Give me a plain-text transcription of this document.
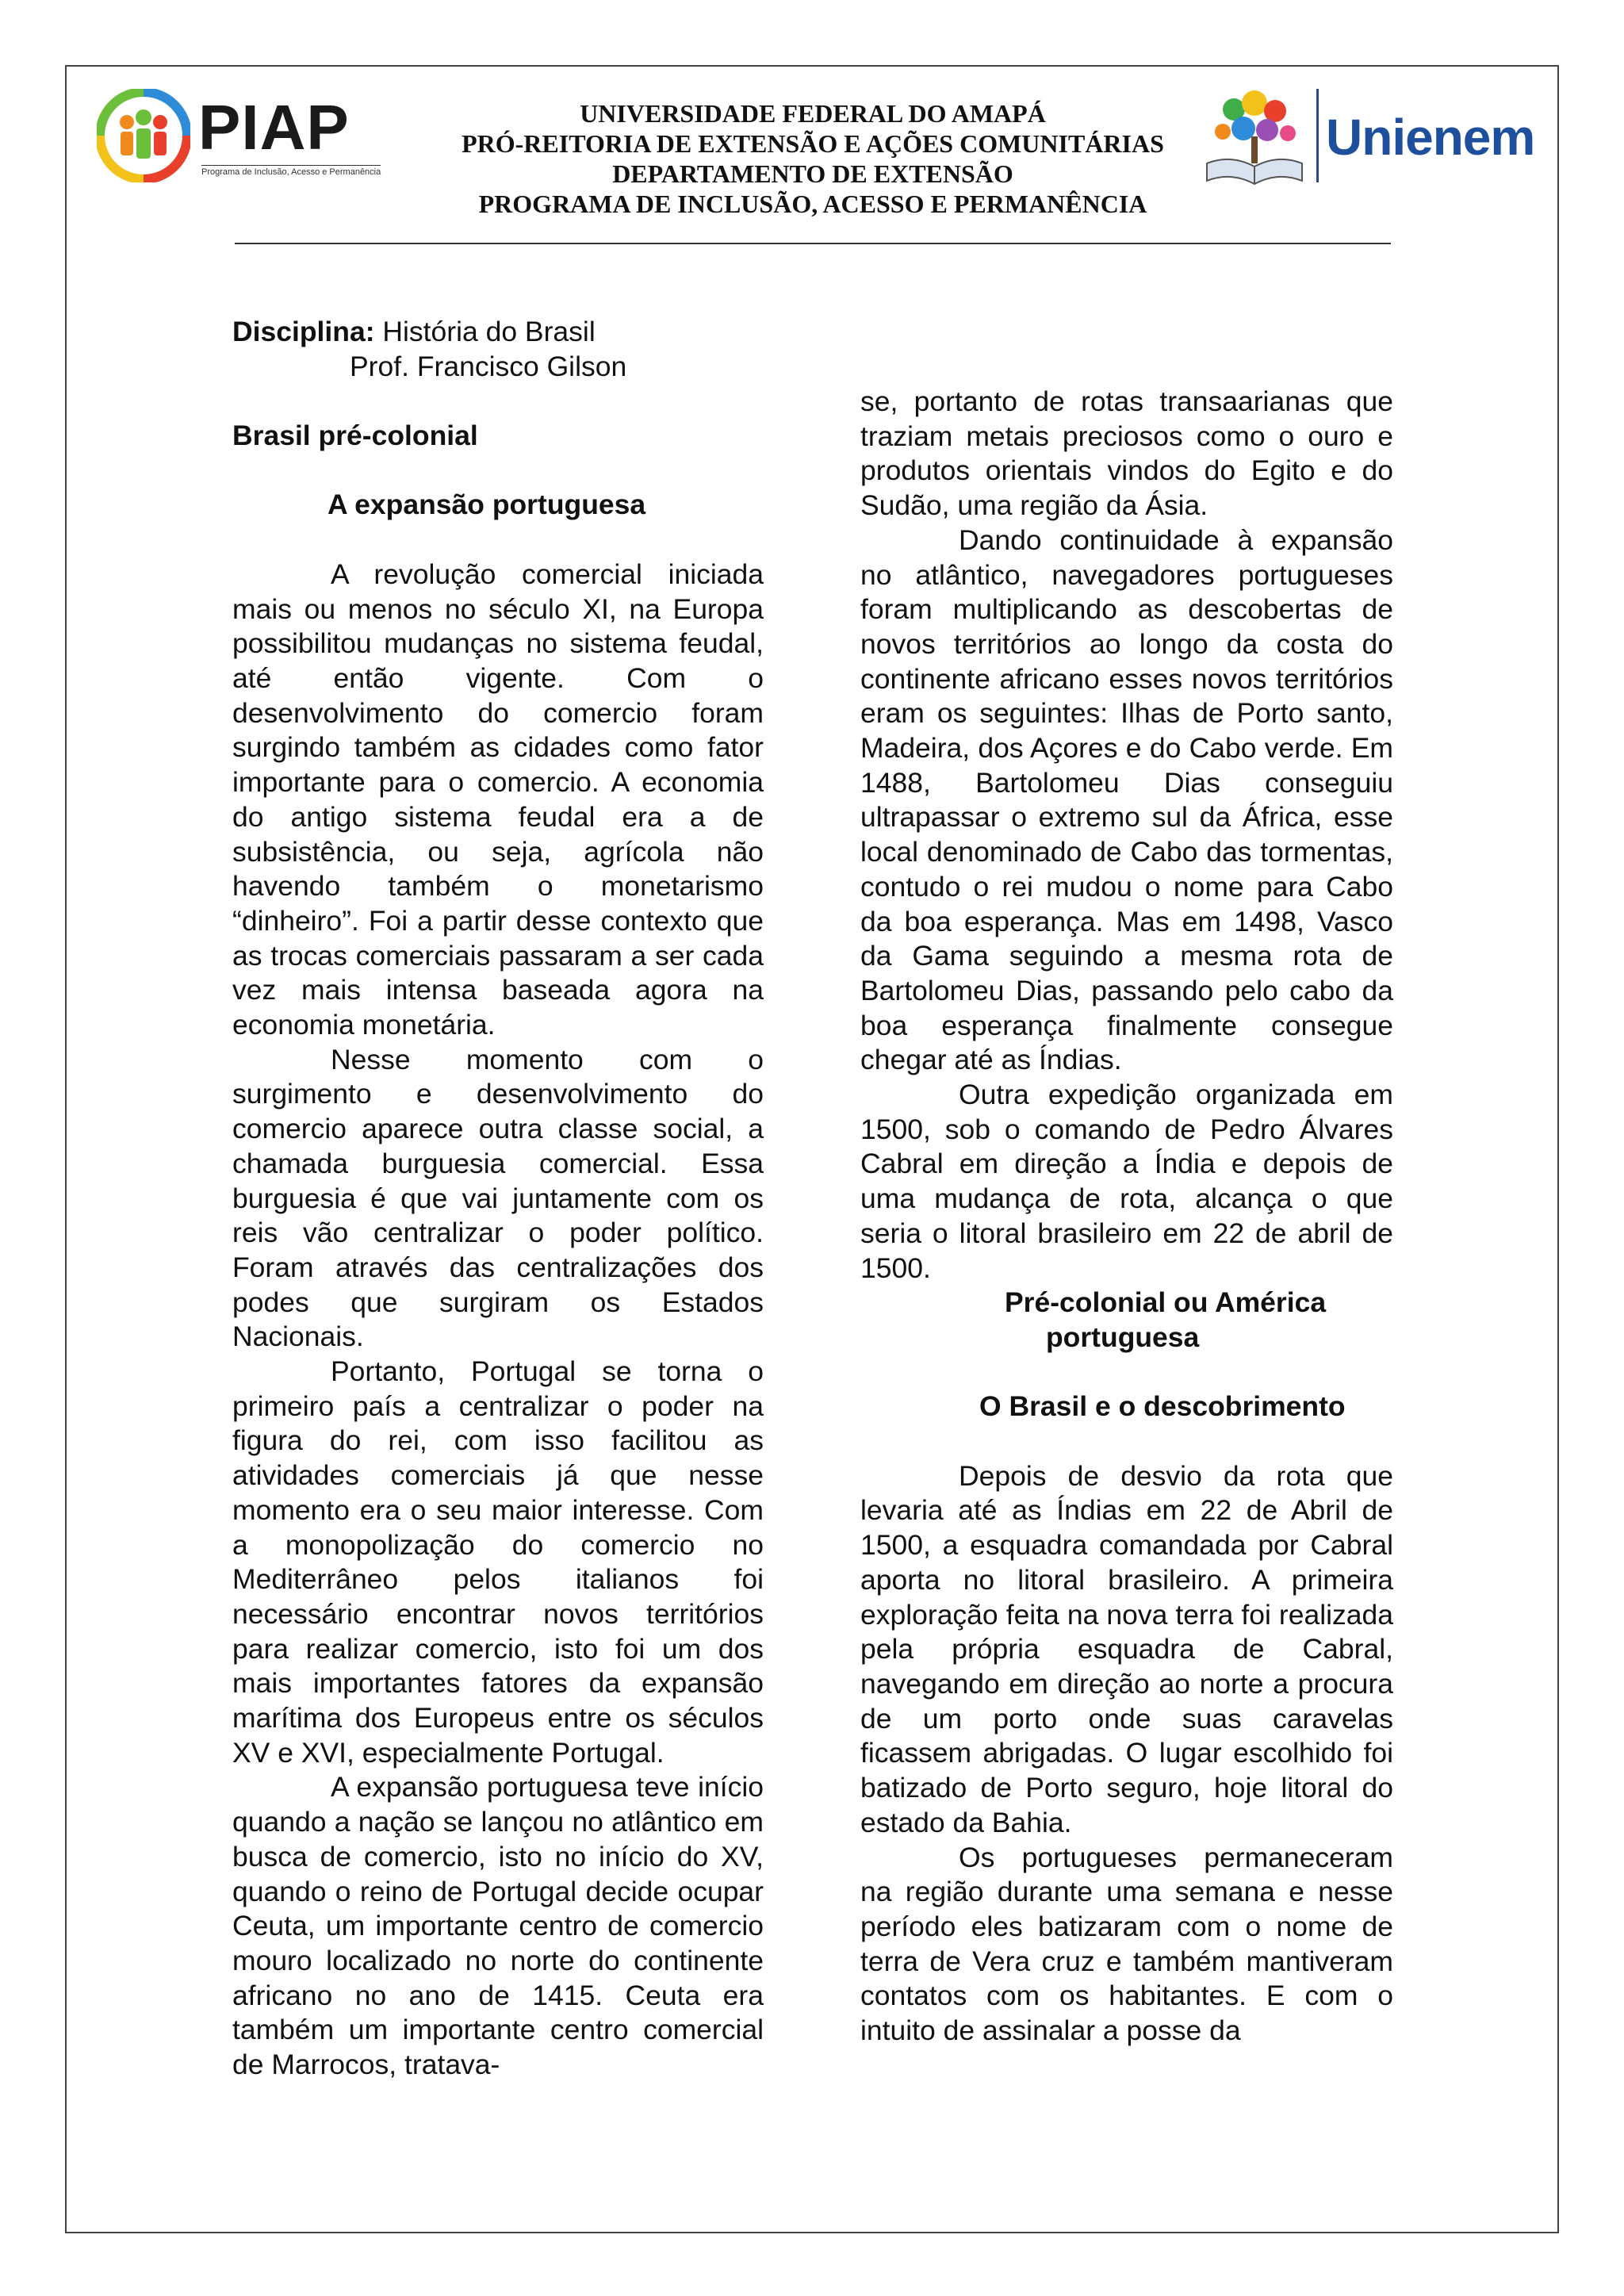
PIAP
Programa de Inclusão, Acesso e Permanência
UNIVERSIDADE FEDERAL DO AMAPÁ
PRÓ-REITORIA DE EXTENSÃO E AÇÕES COMUNITÁRIAS
DEPARTAMENTO DE EXTENSÃO
PROGRAMA DE INCLUSÃO, ACESSO E PERMANÊNCIA
Unienem

Disciplina: História do Brasil

Prof. Francisco Gilson

Brasil pré-colonial

A expansão portuguesa

A revolução comercial iniciada mais ou menos no século XI, na Europa possibilitou mudanças no sistema feudal, até então vigente. Com o desenvolvimento do comercio foram surgindo também as cidades como fator importante para o comercio. A economia do antigo sistema feudal era a de subsistência, ou seja, agrícola não havendo também o monetarismo “dinheiro”. Foi a partir desse contexto que as trocas comerciais passaram a ser cada vez mais intensa baseada agora na economia monetária.

Nesse momento com o surgimento e desenvolvimento do comercio aparece outra classe social, a chamada burguesia comercial. Essa burguesia é que vai juntamente com os reis vão centralizar o poder político. Foram através das centralizações dos podes que surgiram os Estados Nacionais.

Portanto, Portugal se torna o primeiro país a centralizar o poder na figura do rei, com isso facilitou as atividades comerciais já que nesse momento era o seu maior interesse. Com a monopolização do comercio no Mediterrâneo pelos italianos foi necessário encontrar novos territórios para realizar comercio, isto foi um dos mais importantes fatores da expansão marítima dos Europeus entre os séculos XV e XVI, especialmente Portugal.

A expansão portuguesa teve início quando a nação se lançou no atlântico em busca de comercio, isto no início do XV, quando o reino de Portugal decide ocupar Ceuta, um importante centro de comercio mouro localizado no norte do continente africano no ano de 1415. Ceuta era também um importante centro comercial de Marrocos, tratava-

se, portanto de rotas transaarianas que traziam metais preciosos como o ouro e produtos orientais vindos do Egito e do Sudão, uma região da Ásia.

Dando continuidade à expansão no atlântico, navegadores portugueses foram multiplicando as descobertas de novos territórios ao longo da costa do continente africano esses novos territórios eram os seguintes: Ilhas de Porto santo, Madeira, dos Açores e do Cabo verde. Em 1488, Bartolomeu Dias conseguiu ultrapassar o extremo sul da África, esse local denominado de Cabo das tormentas, contudo o rei mudou o nome para Cabo da boa esperança. Mas em 1498, Vasco da Gama seguindo a mesma rota de Bartolomeu Dias, passando pelo cabo da boa esperança finalmente consegue chegar até as Índias.

Outra expedição organizada em 1500, sob o comando de Pedro Álvares Cabral em direção a Índia e depois de uma mudança de rota, alcança o que seria o litoral brasileiro em 22 de abril de 1500.

Pré-colonial ou América

portuguesa

O Brasil e o descobrimento

Depois de desvio da rota que levaria até as Índias em 22 de Abril de 1500, a esquadra comandada por Cabral aporta no litoral brasileiro. A primeira exploração feita na nova terra foi realizada pela própria esquadra de Cabral, navegando em direção ao norte a procura de um porto onde suas caravelas ficassem abrigadas. O lugar escolhido foi batizado de Porto seguro, hoje litoral do estado da Bahia.

Os portugueses permaneceram na região durante uma semana e nesse período eles batizaram com o nome de terra de Vera cruz e também mantiveram contatos com os habitantes. E com o intuito de assinalar a posse da
